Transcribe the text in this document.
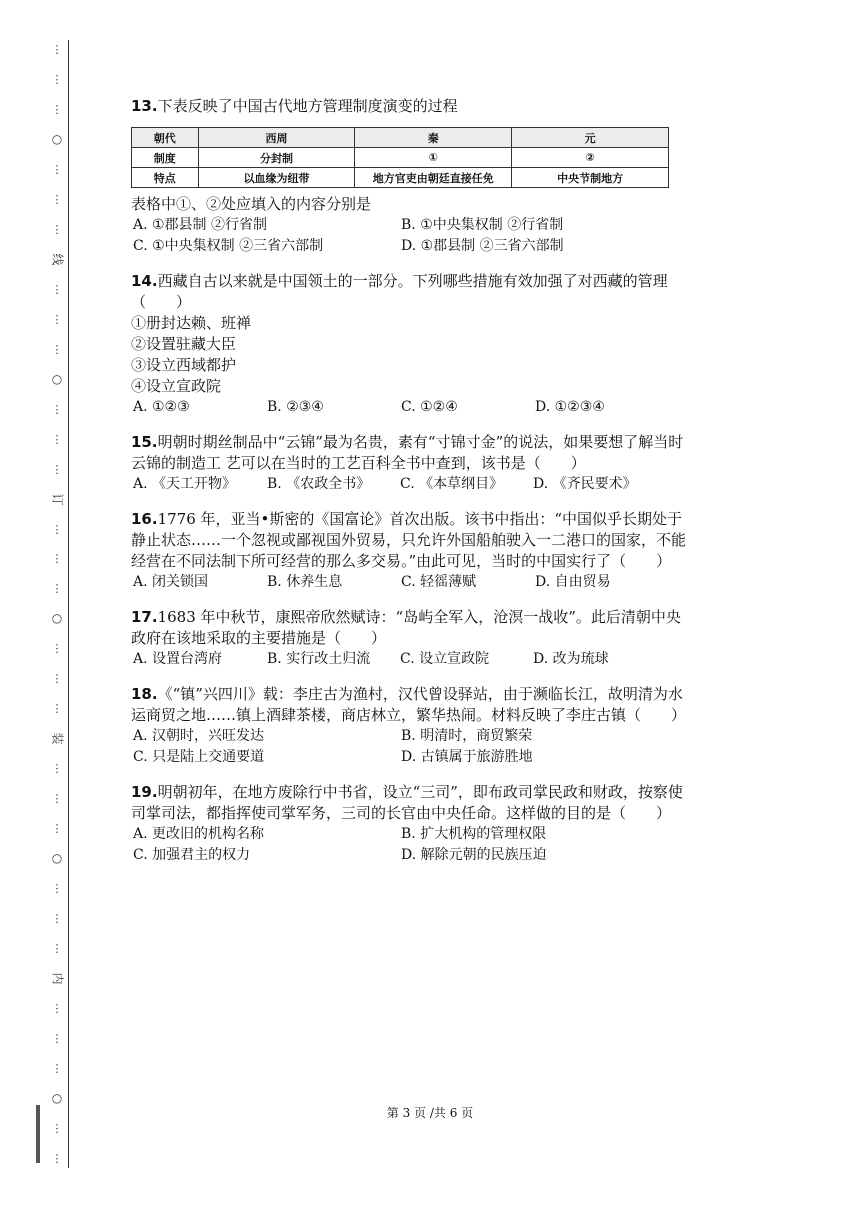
⋮
⋮
⋮
○
⋮
⋮
⋮
线
⋮
⋮
⋮
○
⋮
⋮
⋮
订
⋮
⋮
⋮
○
⋮
⋮
⋮
装
⋮
⋮
⋮
○
⋮
⋮
⋮
内
⋮
⋮
⋮
○
⋮
⋮

13.下表反映了中国古代地方管理制度演变的过程

朝代	西周	秦	元
制度	分封制	①	②
特点	以血缘为纽带	地方官吏由朝廷直接任免	中央节制地方

表格中①、②处应填入的内容分别是

A. ①郡县制 ②行省制	B. ①中央集权制 ②行省制
C. ①中央集权制 ②三省六部制	D. ①郡县制 ②三省六部制

14.西藏自古以来就是中国领土的一部分。下列哪些措施有效加强了对西藏的管理（　　）

①册封达赖、班禅
②设置驻藏大臣
③设立西域都护
④设立宣政院
A. ①②③	B. ②③④	C. ①②④	D. ①②③④

15.明朝时期丝制品中“云锦”最为名贵，素有“寸锦寸金”的说法，如果要想了解当时云锦的制造工 艺可以在当时的工艺百科全书中查到，该书是（　　）

A. 《天工开物》	B. 《农政全书》	C. 《本草纲目》	D. 《齐民要术》

16.1776 年，亚当•斯密的《国富论》首次出版。该书中指出：“中国似乎长期处于静止状态……一个忽视或鄙视国外贸易，只允许外国船舶驶入一二港口的国家，不能经营在不同法制下所可经营的那么多交易。”由此可见，当时的中国实行了（　　）

A. 闭关锁国	B. 休养生息	C. 轻徭薄赋	D. 自由贸易

17.1683 年中秋节，康熙帝欣然赋诗：“岛屿全军入，沧溟一战收”。此后清朝中央政府在该地采取的主要措施是（　　）

A. 设置台湾府	B. 实行改土归流	C. 设立宣政院	D. 改为琉球

18.《“镇”兴四川》载：李庄古为渔村，汉代曾设驿站，由于濒临长江，故明清为水运商贸之地……镇上酒肆茶楼，商店林立，繁华热闹。材料反映了李庄古镇（　　）

A. 汉朝时，兴旺发达	B. 明清时，商贸繁荣
C. 只是陆上交通要道	D. 古镇属于旅游胜地

19.明朝初年，在地方废除行中书省，设立“三司”，即布政司掌民政和财政，按察使司掌司法，都指挥使司掌军务，三司的长官由中央任命。这样做的目的是（　　）

A. 更改旧的机构名称	B. 扩大机构的管理权限
C. 加强君主的权力	D. 解除元朝的民族压迫
第 3 页 /共 6 页
